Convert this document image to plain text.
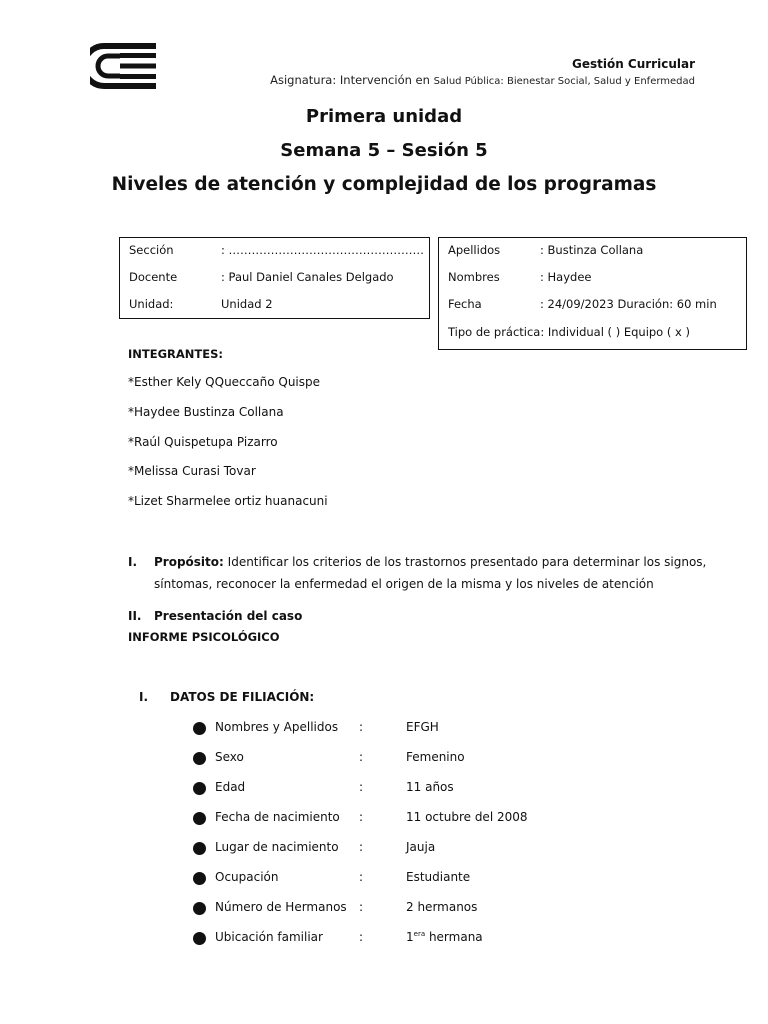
Gestión Curricular
Asignatura: Intervención en Salud Pública: Bienestar Social, Salud y Enfermedad
Primera unidad
Semana 5 – Sesión 5
Niveles de atención y complejidad de los programas
Sección	: ……………………………………………
Docente	: Paul Daniel Canales Delgado
Unidad:	Unidad 2
Apellidos	: Bustinza Collana
Nombres	: Haydee
Fecha	: 24/09/2023 Duración: 60 min
Tipo de práctica: Individual ( ) Equipo ( x )
INTEGRANTES:
*Esther Kely QQueccaño Quispe
*Haydee Bustinza Collana
*Raúl Quispetupa Pizarro
*Melissa Curasi Tovar
*Lizet Sharmelee ortiz huanacuni
I. Propósito: Identificar los criterios de los trastornos presentado para determinar los signos,
síntomas, reconocer la enfermedad el origen de la misma y los niveles de atención
II. Presentación del caso
INFORME PSICOLÓGICO
I. DATOS DE FILIACIÓN:
Nombres y Apellidos :	EFGH
Sexo	:	Femenino
Edad	:	11 años
Fecha de nacimiento :	11 octubre del 2008
Lugar de nacimiento :	Jauja
Ocupación	:	Estudiante
Número de Hermanos :	2 hermanos
Ubicación familiar	:	$1^{era}$ hermana
